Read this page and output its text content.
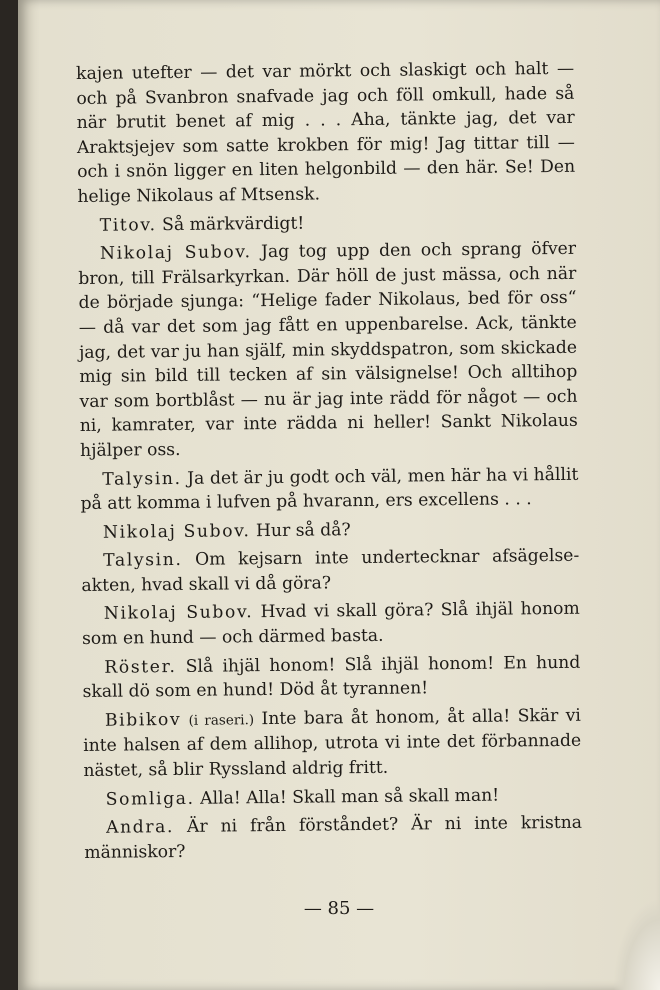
kajen utefter — det var mörkt och slaskigt och halt — och på Svanbron snafvade jag och föll omkull, hade så när brutit benet af mig . . . Aha, tänkte jag, det var Araktsjejev som satte krokben för mig! Jag tittar till — och i snön ligger en liten helgonbild — den här. Se! Den helige Nikolaus af Mtsensk.

Titov. Så märkvärdigt!

Nikolaj Subov. Jag tog upp den och sprang öfver bron, till Frälsarkyrkan. Där höll de just mässa, och när de började sjunga: “Helige fader Nikolaus, bed för oss“ — då var det som jag fått en uppenbarelse. Ack, tänkte jag, det var ju han själf, min skyddspatron, som skickade mig sin bild till tecken af sin välsignelse! Och alltihop var som bortblåst — nu är jag inte rädd för något — och ni, kamrater, var inte rädda ni heller! Sankt Nikolaus hjälper oss.

Talysin. Ja det är ju godt och väl, men här ha vi hållit på att komma i lufven på hvarann, ers excellens . . .

Nikolaj Subov. Hur så då?

Talysin. Om kejsarn inte undertecknar afsägelse-akten, hvad skall vi då göra?

Nikolaj Subov. Hvad vi skall göra? Slå ihjäl honom som en hund — och därmed basta.

Röster. Slå ihjäl honom! Slå ihjäl honom! En hund skall dö som en hund! Död åt tyrannen!

Bibikov (i raseri.) Inte bara åt honom, åt alla! Skär vi inte halsen af dem allihop, utrota vi inte det förbannade nästet, så blir Ryssland aldrig fritt.

Somliga. Alla! Alla! Skall man så skall man!

Andra. Är ni från förståndet? Är ni inte kristna människor?

— 85 —
